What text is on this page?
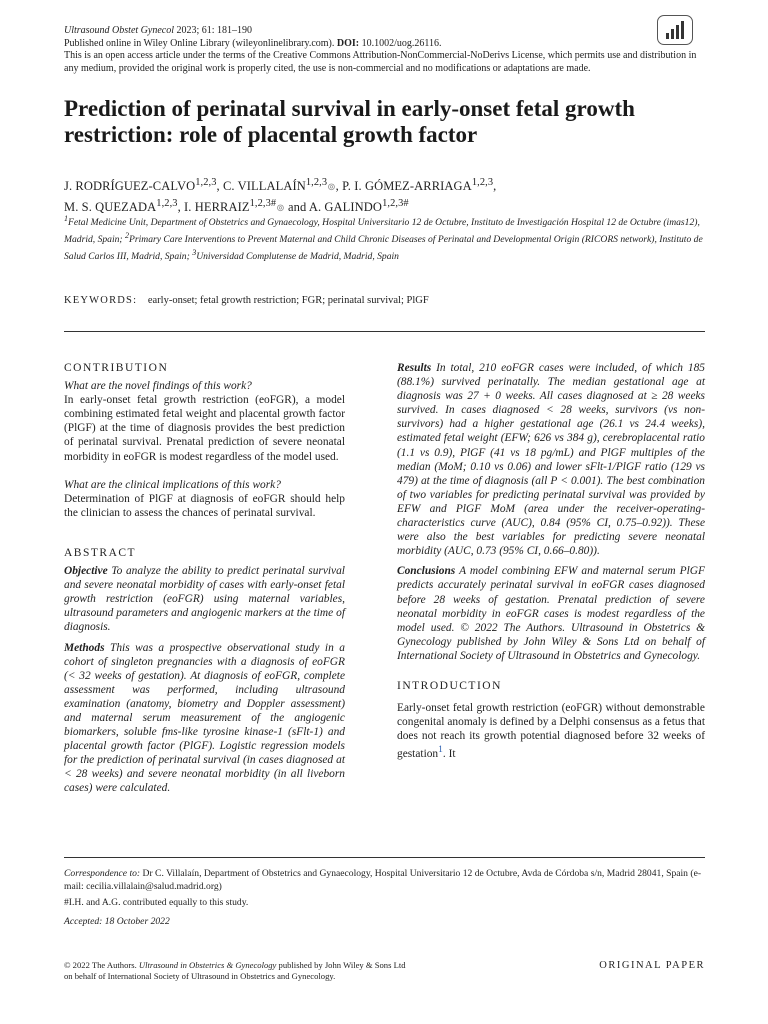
Ultrasound Obstet Gynecol 2023; 61: 181–190
Published online in Wiley Online Library (wileyonlinelibrary.com). DOI: 10.1002/uog.26116.
This is an open access article under the terms of the Creative Commons Attribution-NonCommercial-NoDerivs License, which permits use and distribution in any medium, provided the original work is properly cited, the use is non-commercial and no modifications or adaptations are made.
Prediction of perinatal survival in early-onset fetal growth restriction: role of placental growth factor
J. RODRÍGUEZ-CALVO$^{1,2,3}$, C. VILLALAÍN$^{1,2,3}$⊚, P. I. GÓMEZ-ARRIAGA$^{1,2,3}$,
M. S. QUEZADA$^{1,2,3}$, I. $HERRAIZ^{1,2,3\#}⊚$ and A. $GALINDO^{1,2,3\#}$
$^1$Fetal Medicine Unit, Department of Obstetrics and Gynaecology, Hospital Universitario 12 de Octubre, Instituto de Investigación Hospital 12 de Octubre (imas12), Madrid, Spain; $^2$Primary Care Interventions to Prevent Maternal and Child Chronic Diseases of Perinatal and Developmental Origin (RICORS network), Instituto de Salud Carlos III, Madrid, Spain; $^3$Universidad Complutense de Madrid, Madrid, Spain
KEYWORDS: early-onset; fetal growth restriction; FGR; perinatal survival; PlGF
CONTRIBUTION

What are the novel findings of this work?

In early-onset fetal growth restriction (eoFGR), a model combining estimated fetal weight and placental growth factor (PlGF) at the time of diagnosis provides the best prediction of perinatal survival. Prenatal prediction of severe neonatal morbidity in eoFGR is modest regardless of the model used.

What are the clinical implications of this work?

Determination of PlGF at diagnosis of eoFGR should help the clinician to assess the chances of perinatal survival.

ABSTRACT

Objective To analyze the ability to predict perinatal survival and severe neonatal morbidity of cases with early-onset fetal growth restriction (eoFGR) using maternal variables, ultrasound parameters and angiogenic markers at the time of diagnosis.

Methods This was a prospective observational study in a cohort of singleton pregnancies with a diagnosis of eoFGR (< 32 weeks of gestation). At diagnosis of eoFGR, complete assessment was performed, including ultrasound examination (anatomy, biometry and Doppler assessment) and maternal serum measurement of the angiogenic biomarkers, soluble fms-like tyrosine kinase-1 (sFlt-1) and placental growth factor (PlGF). Logistic regression models for the prediction of perinatal survival (in cases diagnosed at < 28 weeks) and severe neonatal morbidity (in all liveborn cases) were calculated.

Results In total, 210 eoFGR cases were included, of which 185 (88.1%) survived perinatally. The median gestational age at diagnosis was 27 + 0 weeks. All cases diagnosed at ≥ 28 weeks survived. In cases diagnosed < 28 weeks, survivors (vs non-survivors) had a higher gestational age (26.1 vs 24.4 weeks), estimated fetal weight (EFW; 626 vs 384 g), cerebroplacental ratio (1.1 vs 0.9), PlGF (41 vs 18 pg/mL) and PlGF multiples of the median (MoM; 0.10 vs 0.06) and lower sFlt-1/PlGF ratio (129 vs 479) at the time of diagnosis (all P < 0.001). The best combination of two variables for predicting perinatal survival was provided by EFW and PlGF MoM (area under the receiver-operating-characteristics curve (AUC), 0.84 (95% CI, 0.75–0.92)). These were also the best variables for predicting severe neonatal morbidity (AUC, 0.73 (95% CI, 0.66–0.80)).

Conclusions A model combining EFW and maternal serum PlGF predicts accurately perinatal survival in eoFGR cases diagnosed before 28 weeks of gestation. Prenatal prediction of severe neonatal morbidity in eoFGR cases is modest regardless of the model used. © 2022 The Authors. Ultrasound in Obstetrics & Gynecology published by John Wiley & Sons Ltd on behalf of International Society of Ultrasound in Obstetrics and Gynecology.

INTRODUCTION

Early-onset fetal growth restriction (eoFGR) without demonstrable congenital anomaly is defined by a Delphi consensus as a fetus that does not reach its growth potential diagnosed before 32 weeks of gestation$^1$. It

Correspondence to: Dr C. Villalaín, Department of Obstetrics and Gynaecology, Hospital Universitario 12 de Octubre, Avda de Córdoba s/n, Madrid 28041, Spain (e-mail: cecilia.villalain@salud.madrid.org)

#I.H. and A.G. contributed equally to this study.

Accepted: 18 October 2022

© 2022 The Authors. Ultrasound in Obstetrics & Gynecology published by John Wiley & Sons Ltd
on behalf of International Society of Ultrasound in Obstetrics and Gynecology.
ORIGINAL PAPER
